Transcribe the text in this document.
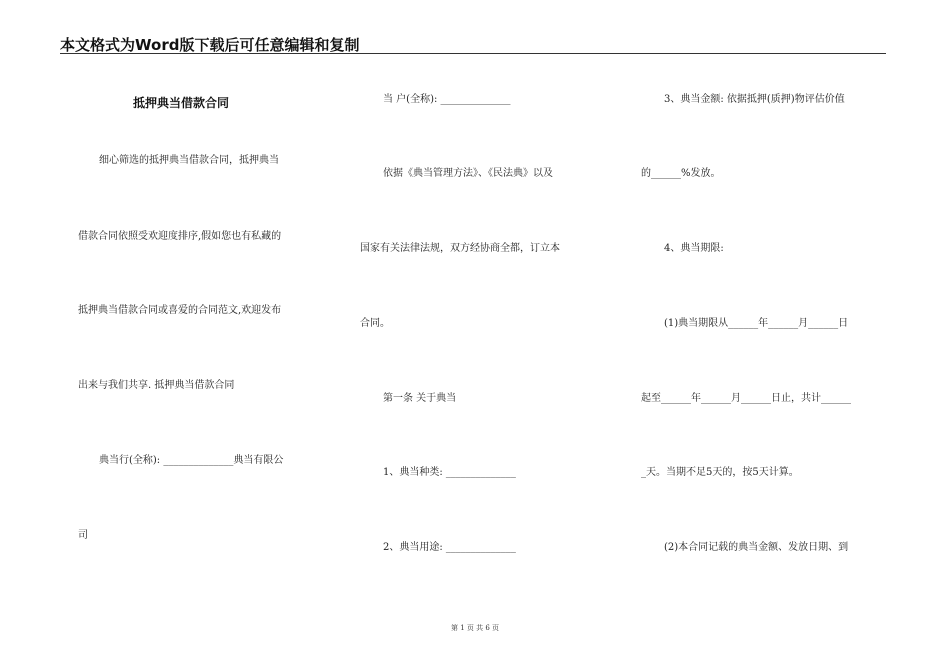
本文格式为Word版下载后可任意编辑和复制
抵押典当借款合同
细心筛选的抵押典当借款合同，抵押典当
借款合同依照受欢迎度排序,假如您也有私藏的
抵押典当借款合同或喜爱的合同范文,欢迎发布
出来与我们共享. 抵押典当借款合同
典当行(全称): ______________典当有限公
司
当 户(全称): ______________
依据《典当管理方法》、《民法典》以及
国家有关法律法规，双方经协商全都，订立本
合同。
第一条 关于典当
1、典当种类: ______________
2、典当用途: ______________
3、典当金额: 依据抵押(质押)物评估价值
的______%发放。
4、典当期限:
(1)典当期限从______年______月______日
起至______年______月______日止，共计______
_天。当期不足5天的，按5天计算。
(2)本合同记载的典当金额、发放日期、到
第 1 页 共 6 页
